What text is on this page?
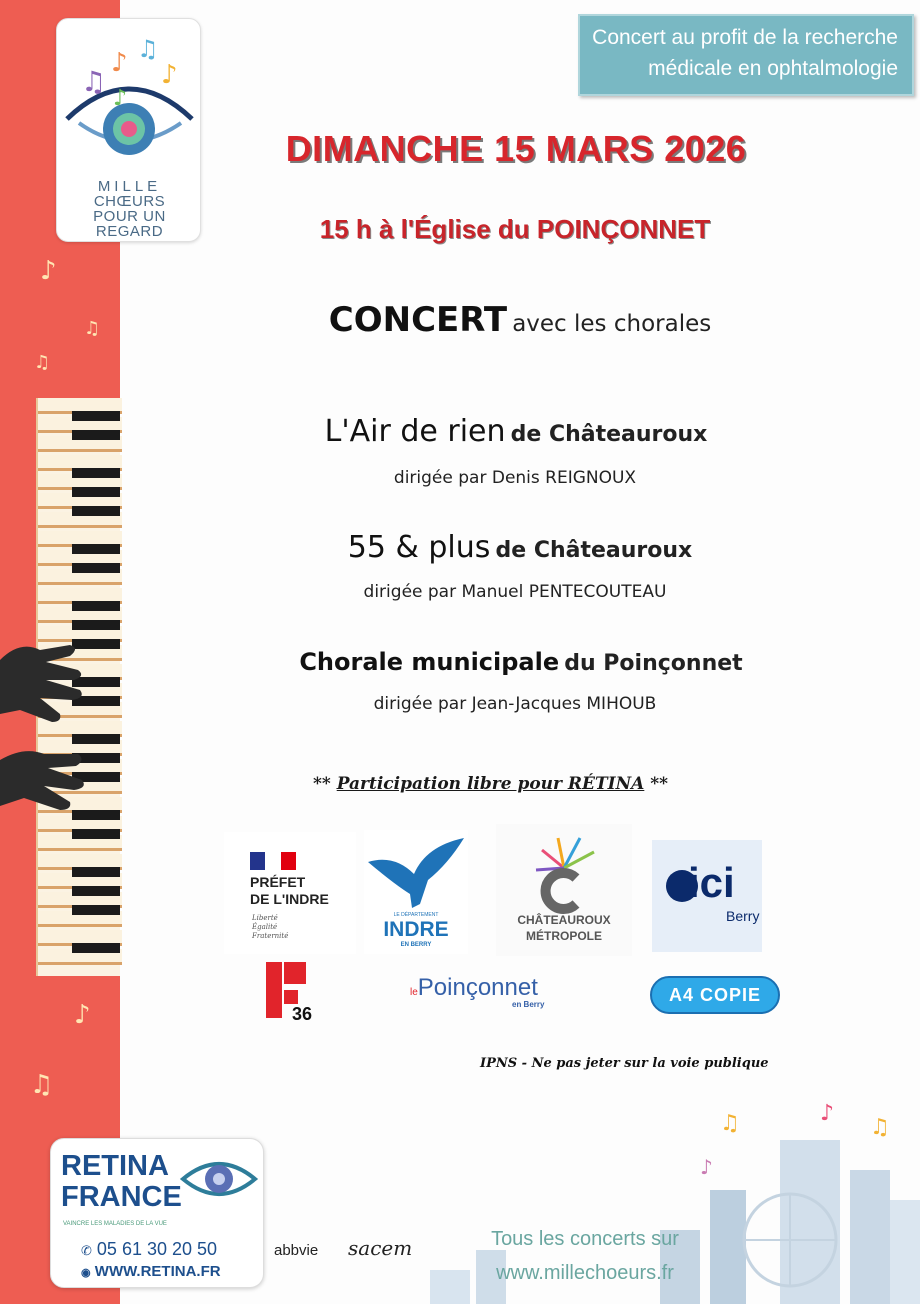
♪
♫
♫
♪
♫
♫
♪ ♫
♪
♪
MILLE
CHŒURS
POUR UN
REGARD
Concert au profit de la recherche
médicale en ophtalmologie
DIMANCHE 15 MARS 2026
15 h à l'Église du POINÇONNET
CONCERT avec les chorales
L'Air de rien de Châteauroux
dirigée par Denis REIGNOUX
55 & plus de Châteauroux
dirigée par Manuel PENTECOUTEAU
Chorale municipale du Poinçonnet
dirigée par Jean-Jacques MIHOUB
** Participation libre pour RÉTINA **
PRÉFET
DE L'INDRE
Liberté
Égalité
Fraternité
LE DÉPARTEMENT
INDRE
EN BERRY
CHÂTEAUROUX
MÉTROPOLE
ici
Berry
36
lePoinçonnet
en Berry	A4 COPIE
IPNS - Ne pas jeter sur la voie publique
RETINA
FRANCE
VAINCRE LES MALADIES DE LA VUE
✆ 05 61 30 20 50
◉ WWW.RETINA.FR
abbvie sacem
♫	♪
♫
♪
Tous les concerts sur
www.millechoeurs.fr
